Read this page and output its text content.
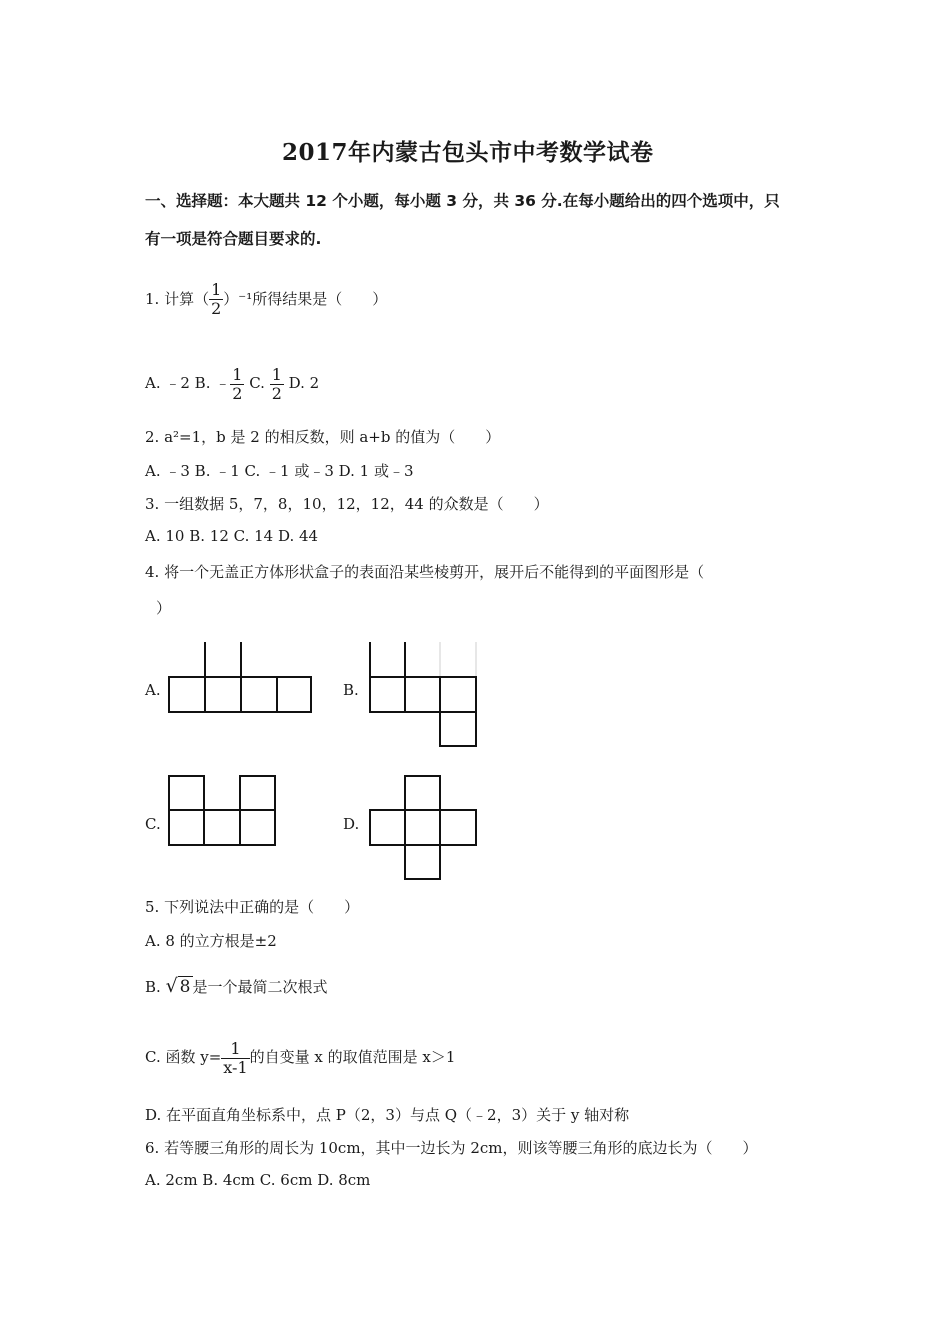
2017年内蒙古包头市中考数学试卷
一、选择题：本大题共 12 个小题，每小题 3 分，共 36 分.在每小题给出的四个选项中，只
有一项是符合题目要求的.
1. 计算（ $\frac{1}{2} )^{-1}$所得结果是（　　）
A. ﹣2 B. ﹣ $\frac{1}{2} C$. $\frac{1}{2} D$. 2
2. a²=1，b 是 2 的相反数，则 a+b 的值为（　　）
A. ﹣3 B. ﹣1 C. ﹣1 或﹣3 D. 1 或﹣3
3. 一组数据 5，7，8，10，12，12，44 的众数是（　　）
A. 10 B. 12 C. 14 D. 44
4. 将一个无盖正方体形状盒子的表面沿某些棱剪开，展开后不能得到的平面图形是（
）
A.	B.
C.	D.
5. 下列说法中正确的是（　　）
A. 8 的立方根是±2
B. √ 8 是一个最简二次根式
C. 函数 $y= \frac{1}{x-1}$ 的自变量 x 的取值范围是 x＞1
D. 在平面直角坐标系中，点 P（2，3）与点 Q（﹣2，3）关于 y 轴对称
6. 若等腰三角形的周长为 10cm，其中一边长为 2cm，则该等腰三角形的底边长为（　　）
A. 2cm B. 4cm C. 6cm D. 8cm
